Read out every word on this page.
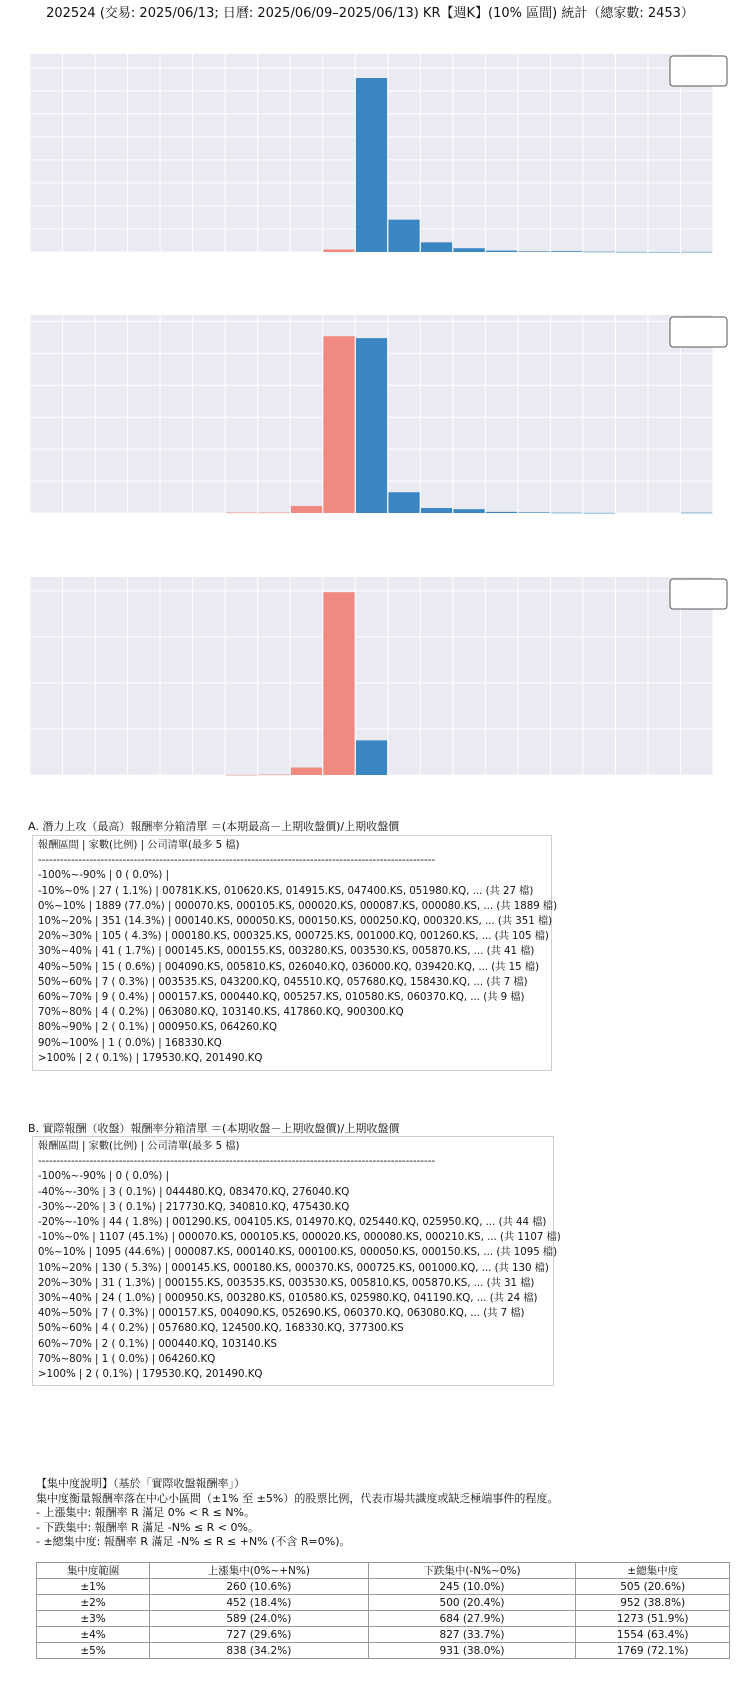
202524 (交易: 2025/06/13; 日曆: 2025/06/09–2025/06/13) KR【週K】(10% 區間) 統計（總家數: 2453）
A. 潛力上攻（最高）報酬率分箱清單 ＝(本期最高－上期收盤價)/上期收盤價
報酬區間 | 家數(比例) | 公司清單(最多 5 檔)
------------------------------------------------------------------------------------------------------------
-100%~-90% | 0 ( 0.0%) |
-10%~0% | 27 ( 1.1%) | 00781K.KS, 010620.KS, 014915.KS, 047400.KS, 051980.KQ, ... (共 27 檔)
0%~10% | 1889 (77.0%) | 000070.KS, 000105.KS, 000020.KS, 000087.KS, 000080.KS, ... (共 1889 檔)
10%~20% | 351 (14.3%) | 000140.KS, 000050.KS, 000150.KS, 000250.KQ, 000320.KS, ... (共 351 檔)
20%~30% | 105 ( 4.3%) | 000180.KS, 000325.KS, 000725.KS, 001000.KQ, 001260.KS, ... (共 105 檔)
30%~40% | 41 ( 1.7%) | 000145.KS, 000155.KS, 003280.KS, 003530.KS, 005870.KS, ... (共 41 檔)
40%~50% | 15 ( 0.6%) | 004090.KS, 005810.KS, 026040.KQ, 036000.KQ, 039420.KQ, ... (共 15 檔)
50%~60% | 7 ( 0.3%) | 003535.KS, 043200.KQ, 045510.KQ, 057680.KQ, 158430.KQ, ... (共 7 檔)
60%~70% | 9 ( 0.4%) | 000157.KS, 000440.KQ, 005257.KS, 010580.KS, 060370.KQ, ... (共 9 檔)
70%~80% | 4 ( 0.2%) | 063080.KQ, 103140.KS, 417860.KQ, 900300.KQ
80%~90% | 2 ( 0.1%) | 000950.KS, 064260.KQ
90%~100% | 1 ( 0.0%) | 168330.KQ
>100% | 2 ( 0.1%) | 179530.KQ, 201490.KQ
B. 實際報酬（收盤）報酬率分箱清單 ＝(本期收盤－上期收盤價)/上期收盤價
報酬區間 | 家數(比例) | 公司清單(最多 5 檔)
------------------------------------------------------------------------------------------------------------
-100%~-90% | 0 ( 0.0%) |
-40%~-30% | 3 ( 0.1%) | 044480.KQ, 083470.KQ, 276040.KQ
-30%~-20% | 3 ( 0.1%) | 217730.KQ, 340810.KQ, 475430.KQ
-20%~-10% | 44 ( 1.8%) | 001290.KS, 004105.KS, 014970.KQ, 025440.KQ, 025950.KQ, ... (共 44 檔)
-10%~0% | 1107 (45.1%) | 000070.KS, 000105.KS, 000020.KS, 000080.KS, 000210.KS, ... (共 1107 檔)
0%~10% | 1095 (44.6%) | 000087.KS, 000140.KS, 000100.KS, 000050.KS, 000150.KS, ... (共 1095 檔)
10%~20% | 130 ( 5.3%) | 000145.KS, 000180.KS, 000370.KS, 000725.KS, 001000.KQ, ... (共 130 檔)
20%~30% | 31 ( 1.3%) | 000155.KS, 003535.KS, 003530.KS, 005810.KS, 005870.KS, ... (共 31 檔)
30%~40% | 24 ( 1.0%) | 000950.KS, 003280.KS, 010580.KS, 025980.KQ, 041190.KQ, ... (共 24 檔)
40%~50% | 7 ( 0.3%) | 000157.KS, 004090.KS, 052690.KS, 060370.KQ, 063080.KQ, ... (共 7 檔)
50%~60% | 4 ( 0.2%) | 057680.KQ, 124500.KQ, 168330.KQ, 377300.KS
60%~70% | 2 ( 0.1%) | 000440.KQ, 103140.KS
70%~80% | 1 ( 0.0%) | 064260.KQ
>100% | 2 ( 0.1%) | 179530.KQ, 201490.KQ
【集中度說明】（基於「實際收盤報酬率」）
集中度衡量報酬率落在中心小區間（±1% 至 ±5%）的股票比例，代表市場共識度或缺乏極端事件的程度。
- 上漲集中: 報酬率 R 滿足 0% < R ≤ N%。
- 下跌集中: 報酬率 R 滿足 -N% ≤ R < 0%。
- ±總集中度: 報酬率 R 滿足 -N% ≤ R ≤ +N% (不含 R=0%)。
集中度範圍	上漲集中(0%~+N%)	下跌集中(-N%~0%)	±總集中度
±1%	260 (10.6%)	245 (10.0%)	505 (20.6%)
±2%	452 (18.4%)	500 (20.4%)	952 (38.8%)
±3%	589 (24.0%)	684 (27.9%)	1273 (51.9%)
±4%	727 (29.6%)	827 (33.7%)	1554 (63.4%)
±5%	838 (34.2%)	931 (38.0%)	1769 (72.1%)
